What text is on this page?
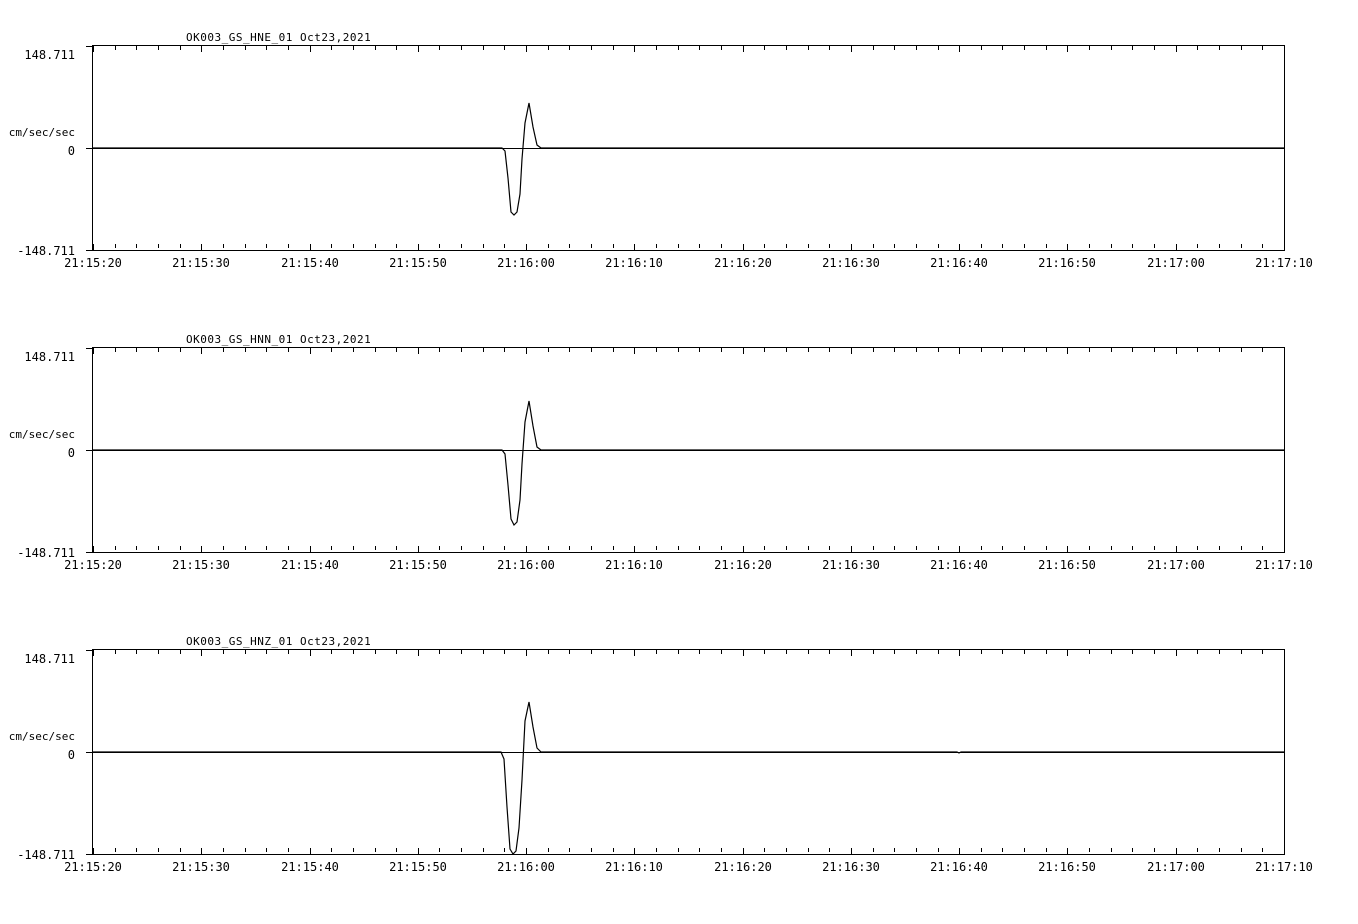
OK003_GS_HNE_01 Oct23,2021
cm/sec/sec
148.711
0
-148.711
21:15:20	21:15:30	21:15:40	21:15:50	21:16:00	21:16:10	21:16:20	21:16:30	21:16:40	21:16:50	21:17:00	21:17:10
OK003_GS_HNN_01 Oct23,2021
cm/sec/sec
148.711
0
-148.711
21:15:20	21:15:30	21:15:40	21:15:50	21:16:00	21:16:10	21:16:20	21:16:30	21:16:40	21:16:50	21:17:00	21:17:10
OK003_GS_HNZ_01 Oct23,2021
cm/sec/sec
148.711
0
-148.711
21:15:20	21:15:30	21:15:40	21:15:50	21:16:00	21:16:10	21:16:20	21:16:30	21:16:40	21:16:50	21:17:00	21:17:10
